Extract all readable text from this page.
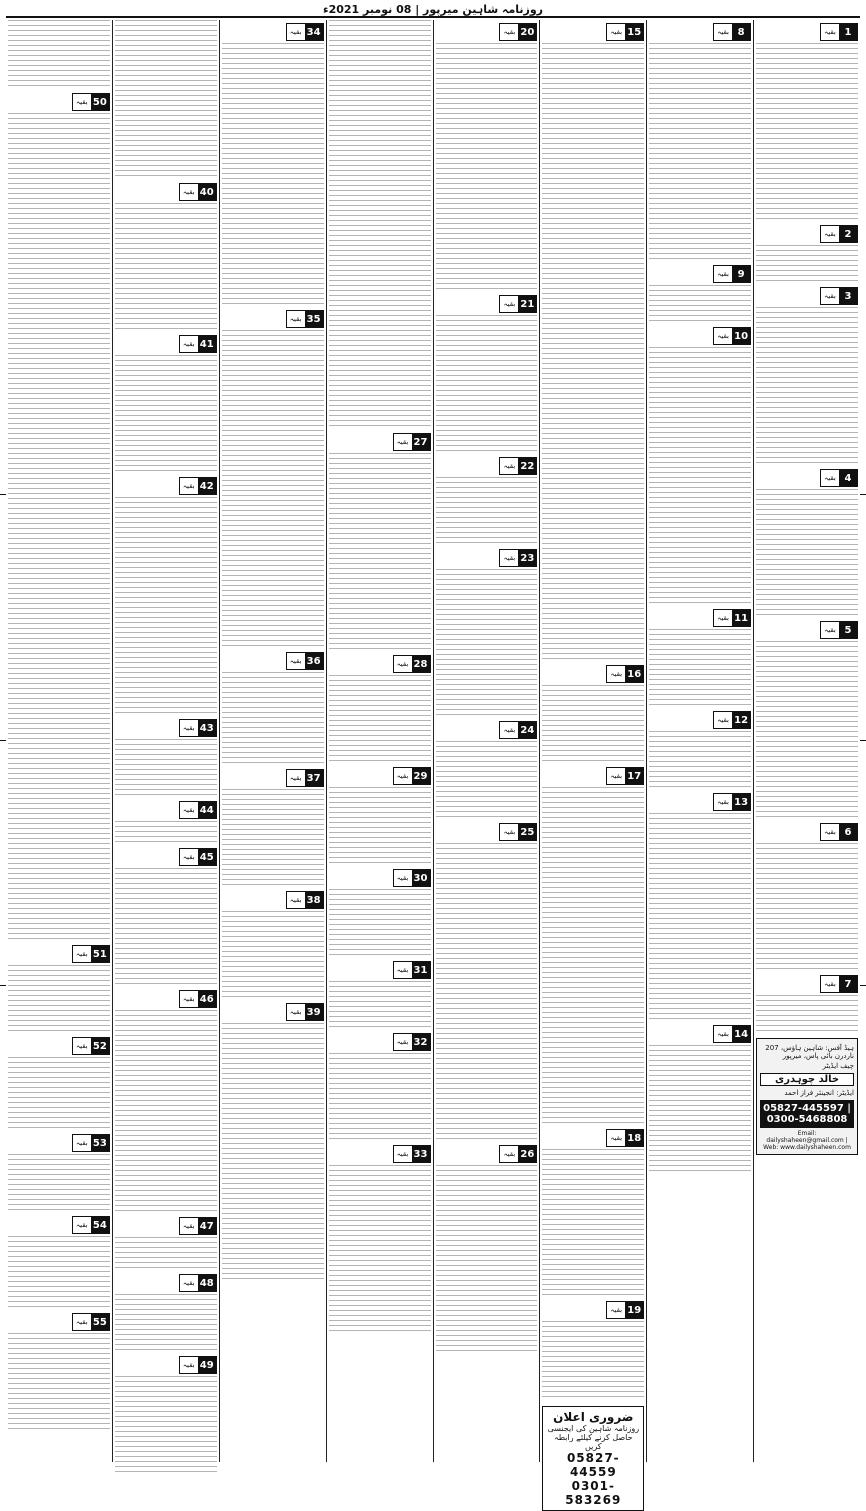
روزنامہ شاہین میرپور | 08 نومبر 2021ء
بقیہ 1
بقیہ 2
بقیہ 3
بقیہ 4
بقیہ 5
بقیہ 6
بقیہ 7
ہیڈ آفس: شاہین ہاؤس، 207 ناردرن بائی پاس، میرپور
چیف ایڈیٹر
خالد چوہدری
ایڈیٹر: انجینئر فراز احمد
05827-445597 | 0300-5468808
Email: dailyshaheen@gmail.com | Web: www.dailyshaheen.com
بقیہ 8
بقیہ 9
بقیہ 10
بقیہ 11
بقیہ 12
بقیہ 13
بقیہ 14
بقیہ 15
بقیہ 16
بقیہ 17
بقیہ 18
بقیہ 19
ضروری اعلان
روزنامہ شاہین کی ایجنسی حاصل کرنے کیلئے رابطہ کریں
05827-44559
0301-583269
بقیہ 20
بقیہ 21
بقیہ 22
بقیہ 23
بقیہ 24
بقیہ 25
بقیہ 26
بقیہ 27
بقیہ 28
بقیہ 29
بقیہ 30
بقیہ 31
بقیہ 32
بقیہ 33
بقیہ 34
بقیہ 35
بقیہ 36
بقیہ 37
بقیہ 38
بقیہ 39
بقیہ 40
بقیہ 41
بقیہ 42
بقیہ 43
بقیہ 44
بقیہ 45
بقیہ 46
بقیہ 47
بقیہ 48
بقیہ 49
بقیہ 50
بقیہ 51
بقیہ 52
بقیہ 53
بقیہ 54
بقیہ 55
